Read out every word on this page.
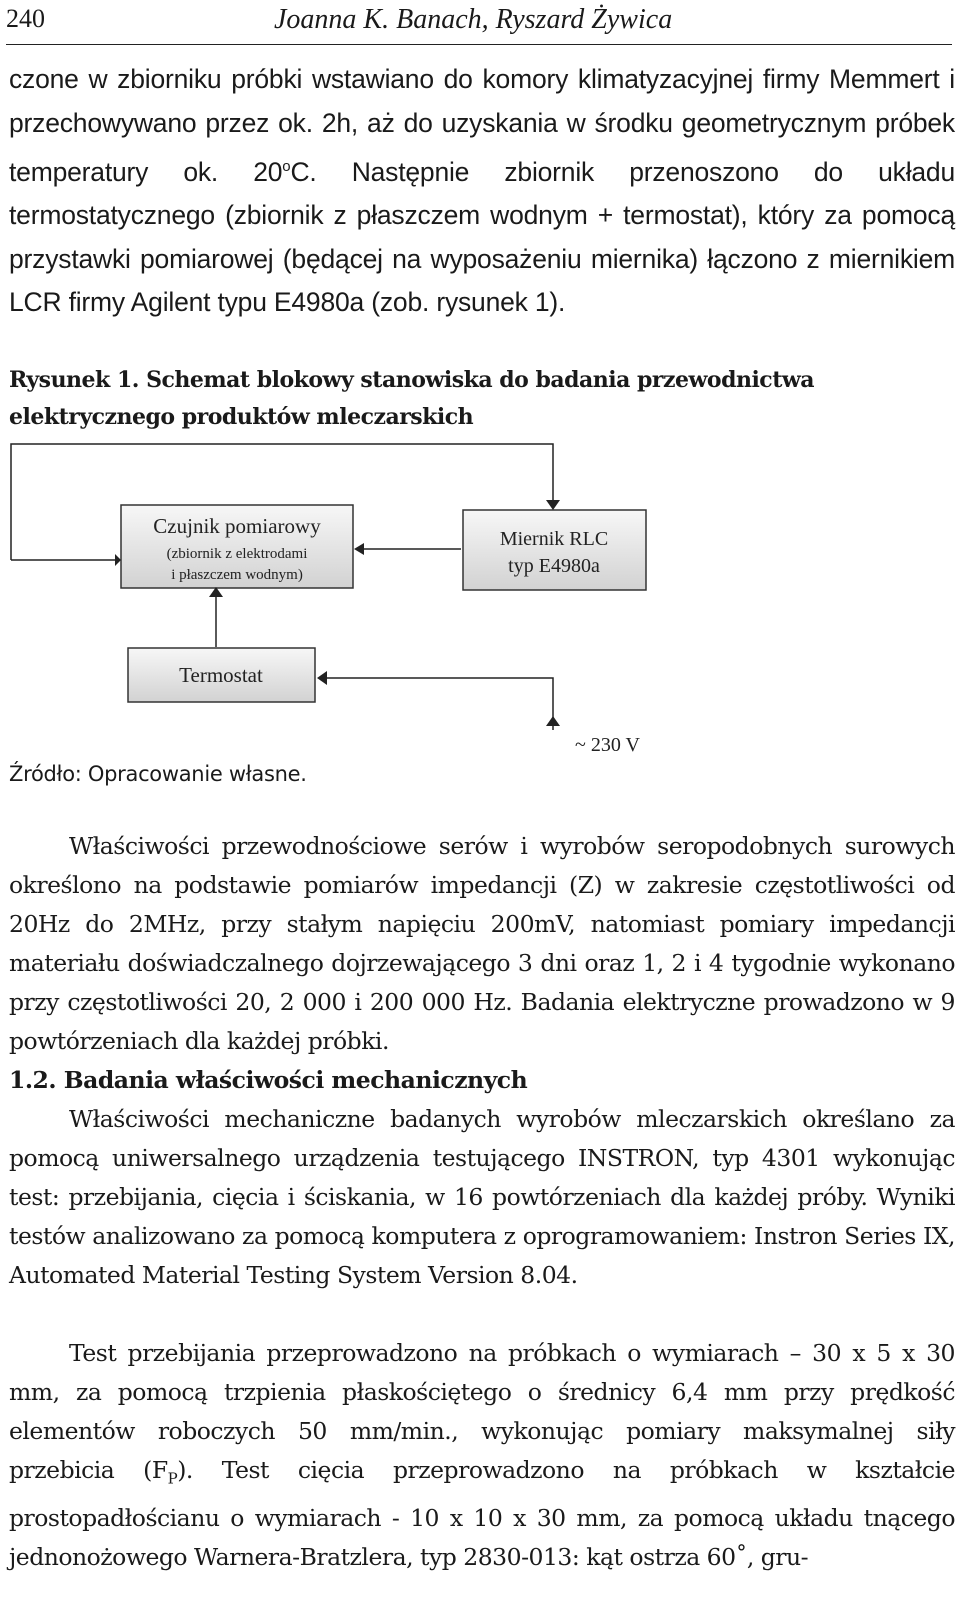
240	Joanna K. Banach, Ryszard Żywica

czone w zbiorniku próbki wstawiano do komory klimatyzacyjnej firmy Memmert i przechowywano przez ok. 2h, aż do uzyskania w środku geometrycznym próbek temperatury ok. 20$^o$C. Następnie zbiornik przenoszono do układu termostatycznego (zbiornik z płaszczem wodnym + termostat), który za pomocą przystawki pomiarowej (będącej na wyposażeniu miernika) łączono z miernikiem LCR firmy Agilent typu E4980a (zob. rysunek 1).

Rysunek 1. Schemat blokowy stanowiska do badania przewodnictwa elektrycznego produktów mleczarskich

Czujnik pomiarowy
(zbiornik z elektrodami
i płaszczem wodnym)
Miernik RLC
typ E4980a
Termostat
~ 230 V

Źródło: Opracowanie własne.

Właściwości przewodnościowe serów i wyrobów seropodobnych surowych określono na podstawie pomiarów impedancji (Z) w zakresie częstotliwości od 20Hz do 2MHz, przy stałym napięciu 200mV, natomiast pomiary impedancji materiału doświadczalnego dojrzewającego 3 dni oraz 1, 2 i 4 tygodnie wykonano przy częstotliwości 20, 2 000 i 200 000 Hz. Badania elektryczne prowadzono w 9 powtórzeniach dla każdej próbki.

1.2. Badania właściwości mechanicznych

Właściwości mechaniczne badanych wyrobów mleczarskich określano za pomocą uniwersalnego urządzenia testującego INSTRON, typ 4301 wykonując test: przebijania, cięcia i ściskania, w 16 powtórzeniach dla każdej próby. Wyniki testów analizowano za pomocą komputera z oprogramowaniem: Instron Series IX, Automated Material Testing System Version 8.04.

Test przebijania przeprowadzono na próbkach o wymiarach – 30 x 5 x 30 mm, za pomocą trzpienia płaskościętego o średnicy 6,4 mm przy prędkość elementów roboczych 50 mm/min., wykonując pomiary maksymalnej siły przebicia $(F_P)$. Test cięcia przeprowadzono na próbkach w kształcie prostopadłościanu o wymiarach - 10 x 10 x 30 mm, za pomocą układu tnącego jednonożowego Warnera-Bratzlera, typ 2830-013: kąt ostrza 60˚, gru-
